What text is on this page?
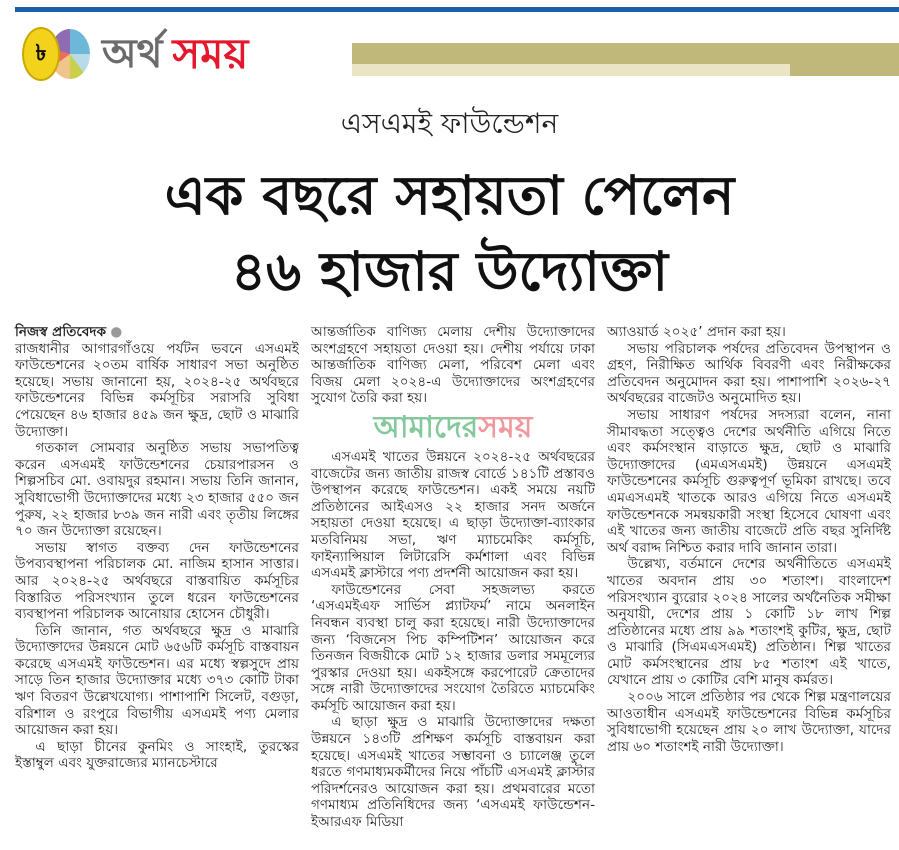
৳	অর্থ সময়
এসএমই ফাউন্ডেশন
এক বছরে সহায়তা পেলেন
৪৬ হাজার উদ্যোক্তা

নিজস্ব প্রতিবেদক ●

রাজধানীর আগারগাঁওয়ে পর্যটন ভবনে এসএমই ফাউন্ডেশনের ২০তম বার্ষিক সাধারণ সভা অনুষ্ঠিত হয়েছে। সভায় জানানো হয়, ২০২৪-২৫ অর্থবছরে ফাউন্ডেশনের বিভিন্ন কর্মসূচির সরাসরি সুবিধা পেয়েছেন ৪৬ হাজার ৪৫৯ জন ক্ষুদ্র, ছোট ও মাঝারি উদ্যোক্তা।

গতকাল সোমবার অনুষ্ঠিত সভায় সভাপতিত্ব করেন এসএমই ফাউন্ডেশনের চেয়ারপারসন ও শিল্পসচিব মো. ওবায়দুর রহমান। সভায় তিনি জানান, সুবিধাভোগী উদ্যোক্তাদের মধ্যে ২৩ হাজার ৫৫০ জন পুরুষ, ২২ হাজার ৮৩৯ জন নারী এবং তৃতীয় লিঙ্গের ৭০ জন উদ্যোক্তা রয়েছেন।

সভায় স্বাগত বক্তব্য দেন ফাউন্ডেশনের উপব্যবস্থাপনা পরিচালক মো. নাজিম হাসান সাত্তার। আর ২০২৪-২৫ অর্থবছরে বাস্তবায়িত কর্মসূচির বিস্তারিত পরিসংখ্যান তুলে ধরেন ফাউন্ডেশনের ব্যবস্থাপনা পরিচালক আনোয়ার হোসেন চৌধুরী।

তিনি জানান, গত অর্থবছরে ক্ষুদ্র ও মাঝারি উদ্যোক্তাদের উন্নয়নে মোট ৬৫৬টি কর্মসূচি বাস্তবায়ন করেছে এসএমই ফাউন্ডেশন। এর মধ্যে স্বল্পসুদে প্রায় সাড়ে তিন হাজার উদ্যোক্তার মধ্যে ৩৭৩ কোটি টাকা ঋণ বিতরণ উল্লেখযোগ্য। পাশাপাশি সিলেট, বগুড়া, বরিশাল ও রংপুরে বিভাগীয় এসএমই পণ্য মেলার আয়োজন করা হয়।

এ ছাড়া চীনের কুনমিং ও সাংহাই, তুরস্কের ইস্তাম্বুল এবং যুক্তরাজ্যের ম্যানচেস্টারে

আন্তর্জাতিক বাণিজ্য মেলায় দেশীয় উদ্যোক্তাদের অংশগ্রহণে সহায়তা দেওয়া হয়। দেশীয় পর্যায়ে ঢাকা আন্তর্জাতিক বাণিজ্য মেলা, পরিবেশ মেলা এবং বিজয় মেলা ২০২৪-এ উদ্যোক্তাদের অংশগ্রহণের সুযোগ তৈরি করা হয়।

আমাদেরসময়

এসএমই খাতের উন্নয়নে ২০২৪-২৫ অর্থবছরের বাজেটের জন্য জাতীয় রাজস্ব বোর্ডে ১৪১টি প্রস্তাবও উপস্থাপন করেছে ফাউন্ডেশন। একই সময়ে নয়টি প্রতিষ্ঠানের আইএসও ২২ হাজার সনদ অর্জনে সহায়তা দেওয়া হয়েছে। এ ছাড়া উদ্যোক্তা-ব্যাংকার মতবিনিময় সভা, ঋণ ম্যাচমেকিং কর্মসূচি, ফাইন্যান্সিয়াল লিটারেসি কর্মশালা এবং বিভিন্ন এসএমই ক্লাস্টারে পণ্য প্রদর্শনী আয়োজন করা হয়।

ফাউন্ডেশনের সেবা সহজলভ্য করতে ‘এসএমইএফ সার্ভিস প্ল্যাটফর্ম’ নামে অনলাইন নিবন্ধন ব্যবস্থা চালু করা হয়েছে। নারী উদ্যোক্তাদের জন্য ‘বিজনেস পিচ কম্পিটিশন’ আয়োজন করে তিনজন বিজয়ীকে মোট ১২ হাজার ডলার সমমূল্যের পুরস্কার দেওয়া হয়। একইসঙ্গে করপোরেট ক্রেতাদের সঙ্গে নারী উদ্যোক্তাদের সংযোগ তৈরিতে ম্যাচমেকিং কর্মসূচি আয়োজন করা হয়।

এ ছাড়া ক্ষুদ্র ও মাঝারি উদ্যোক্তাদের দক্ষতা উন্নয়নে ১৪৩টি প্রশিক্ষণ কর্মসূচি বাস্তবায়ন করা হয়েছে। এসএমই খাতের সম্ভাবনা ও চ্যালেঞ্জ তুলে ধরতে গণমাধ্যমকর্মীদের নিয়ে পাঁচটি এসএমই ক্লাস্টার পরিদর্শনেরও আয়োজন করা হয়। প্রথমবারের মতো গণমাধ্যম প্রতিনিধিদের জন্য ‘এসএমই ফাউন্ডেশন-ইআরএফ মিডিয়া

অ্যাওয়ার্ড ২০২৫’ প্রদান করা হয়।

সভায় পরিচালক পর্ষদের প্রতিবেদন উপস্থাপন ও গ্রহণ, নিরীক্ষিত আর্থিক বিবরণী এবং নিরীক্ষকের প্রতিবেদন অনুমোদন করা হয়। পাশাপাশি ২০২৬-২৭ অর্থবছরের বাজেটও অনুমোদিত হয়।

সভায় সাধারণ পর্ষদের সদস্যরা বলেন, নানা সীমাবদ্ধতা সত্ত্বেও দেশের অর্থনীতি এগিয়ে নিতে এবং কর্মসংস্থান বাড়াতে ক্ষুদ্র, ছোট ও মাঝারি উদ্যোক্তাদের (এমএসএমই) উন্নয়নে এসএমই ফাউন্ডেশনের কর্মসূচি গুরুত্বপূর্ণ ভূমিকা রাখছে। তবে এমএসএমই খাতকে আরও এগিয়ে নিতে এসএমই ফাউন্ডেশনকে সমন্বয়কারী সংস্থা হিসেবে ঘোষণা এবং এই খাতের জন্য জাতীয় বাজেটে প্রতি বছর সুনির্দিষ্ট অর্থ বরাদ্দ নিশ্চিত করার দাবি জানান তারা।

উল্লেখ্য, বর্তমানে দেশের অর্থনীতিতে এসএমই খাতের অবদান প্রায় ৩০ শতাংশ। বাংলাদেশ পরিসংখ্যান ব্যুরোর ২০২৪ সালের অর্থনৈতিক সমীক্ষা অনুযায়ী, দেশের প্রায় ১ কোটি ১৮ লাখ শিল্প প্রতিষ্ঠানের মধ্যে প্রায় ৯৯ শতাংশই কুটির, ক্ষুদ্র, ছোট ও মাঝারি (সিএমএসএমই) প্রতিষ্ঠান। শিল্প খাতের মোট কর্মসংস্থানের প্রায় ৮৫ শতাংশ এই খাতে, যেখানে প্রায় ৩ কোটির বেশি মানুষ কর্মরত।

২০০৬ সালে প্রতিষ্ঠার পর থেকে শিল্প মন্ত্রণালয়ের আওতাধীন এসএমই ফাউন্ডেশনের বিভিন্ন কর্মসূচির সুবিধাভোগী হয়েছেন প্রায় ২০ লাখ উদ্যোক্তা, যাদের প্রায় ৬০ শতাংশই নারী উদ্যোক্তা।
